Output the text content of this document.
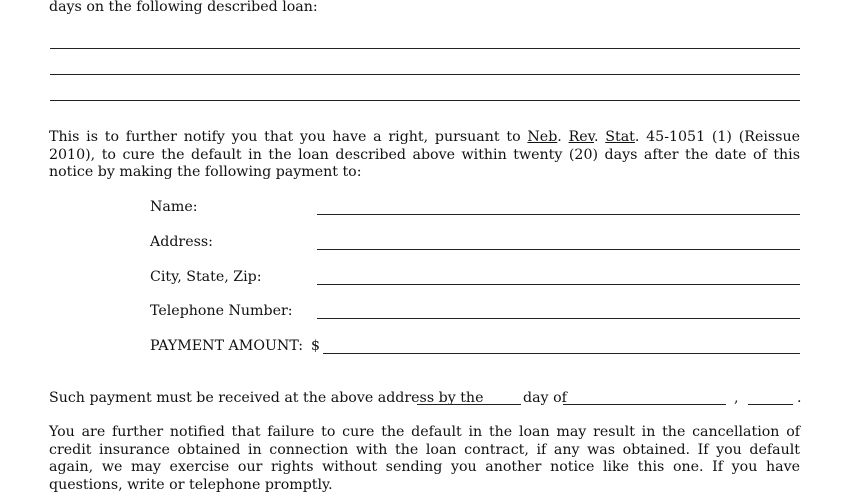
days on the following described loan:
This is to further notify you that you have a right, pursuant to Neb. Rev. Stat. 45-1051 (1) (Reissue 2010), to cure the default in the loan described above within twenty (20) days after the date of this notice by making the following payment to:
Name:
Address:
City, State, Zip:
Telephone Number:
PAYMENT AMOUNT: $
Such payment must be received at the above address by the	day of	,	.
You are further notified that failure to cure the default in the loan may result in the cancellation of credit insurance obtained in connection with the loan contract, if any was obtained. If you default again, we may exercise our rights without sending you another notice like this one. If you have questions, write or telephone promptly.
